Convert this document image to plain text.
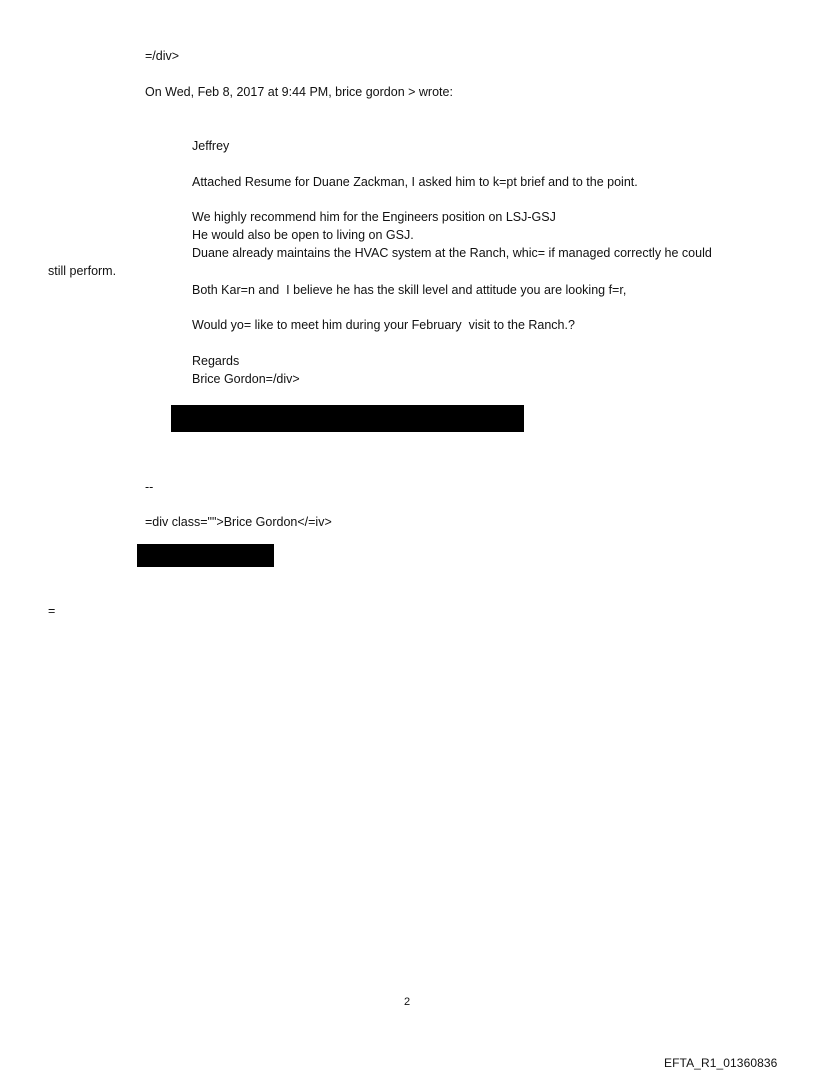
=/div>
On Wed, Feb 8, 2017 at 9:44 PM, brice gordon > wrote:
Jeffrey
Attached Resume for Duane Zackman, I asked him to k=pt brief and to the point.
We highly recommend him for the Engineers position on LSJ-GSJ
He would also be open to living on GSJ.
Duane already maintains the HVAC system at the Ranch, whic= if managed correctly he could
still perform.
Both Kar=n and  I believe he has the skill level and attitude you are looking f=r,
Would yo= like to meet him during your February  visit to the Ranch.?
Regards
Brice Gordon=/div>
--
=div class="">Brice Gordon</=iv>
=
2
EFTA_R1_01360836
